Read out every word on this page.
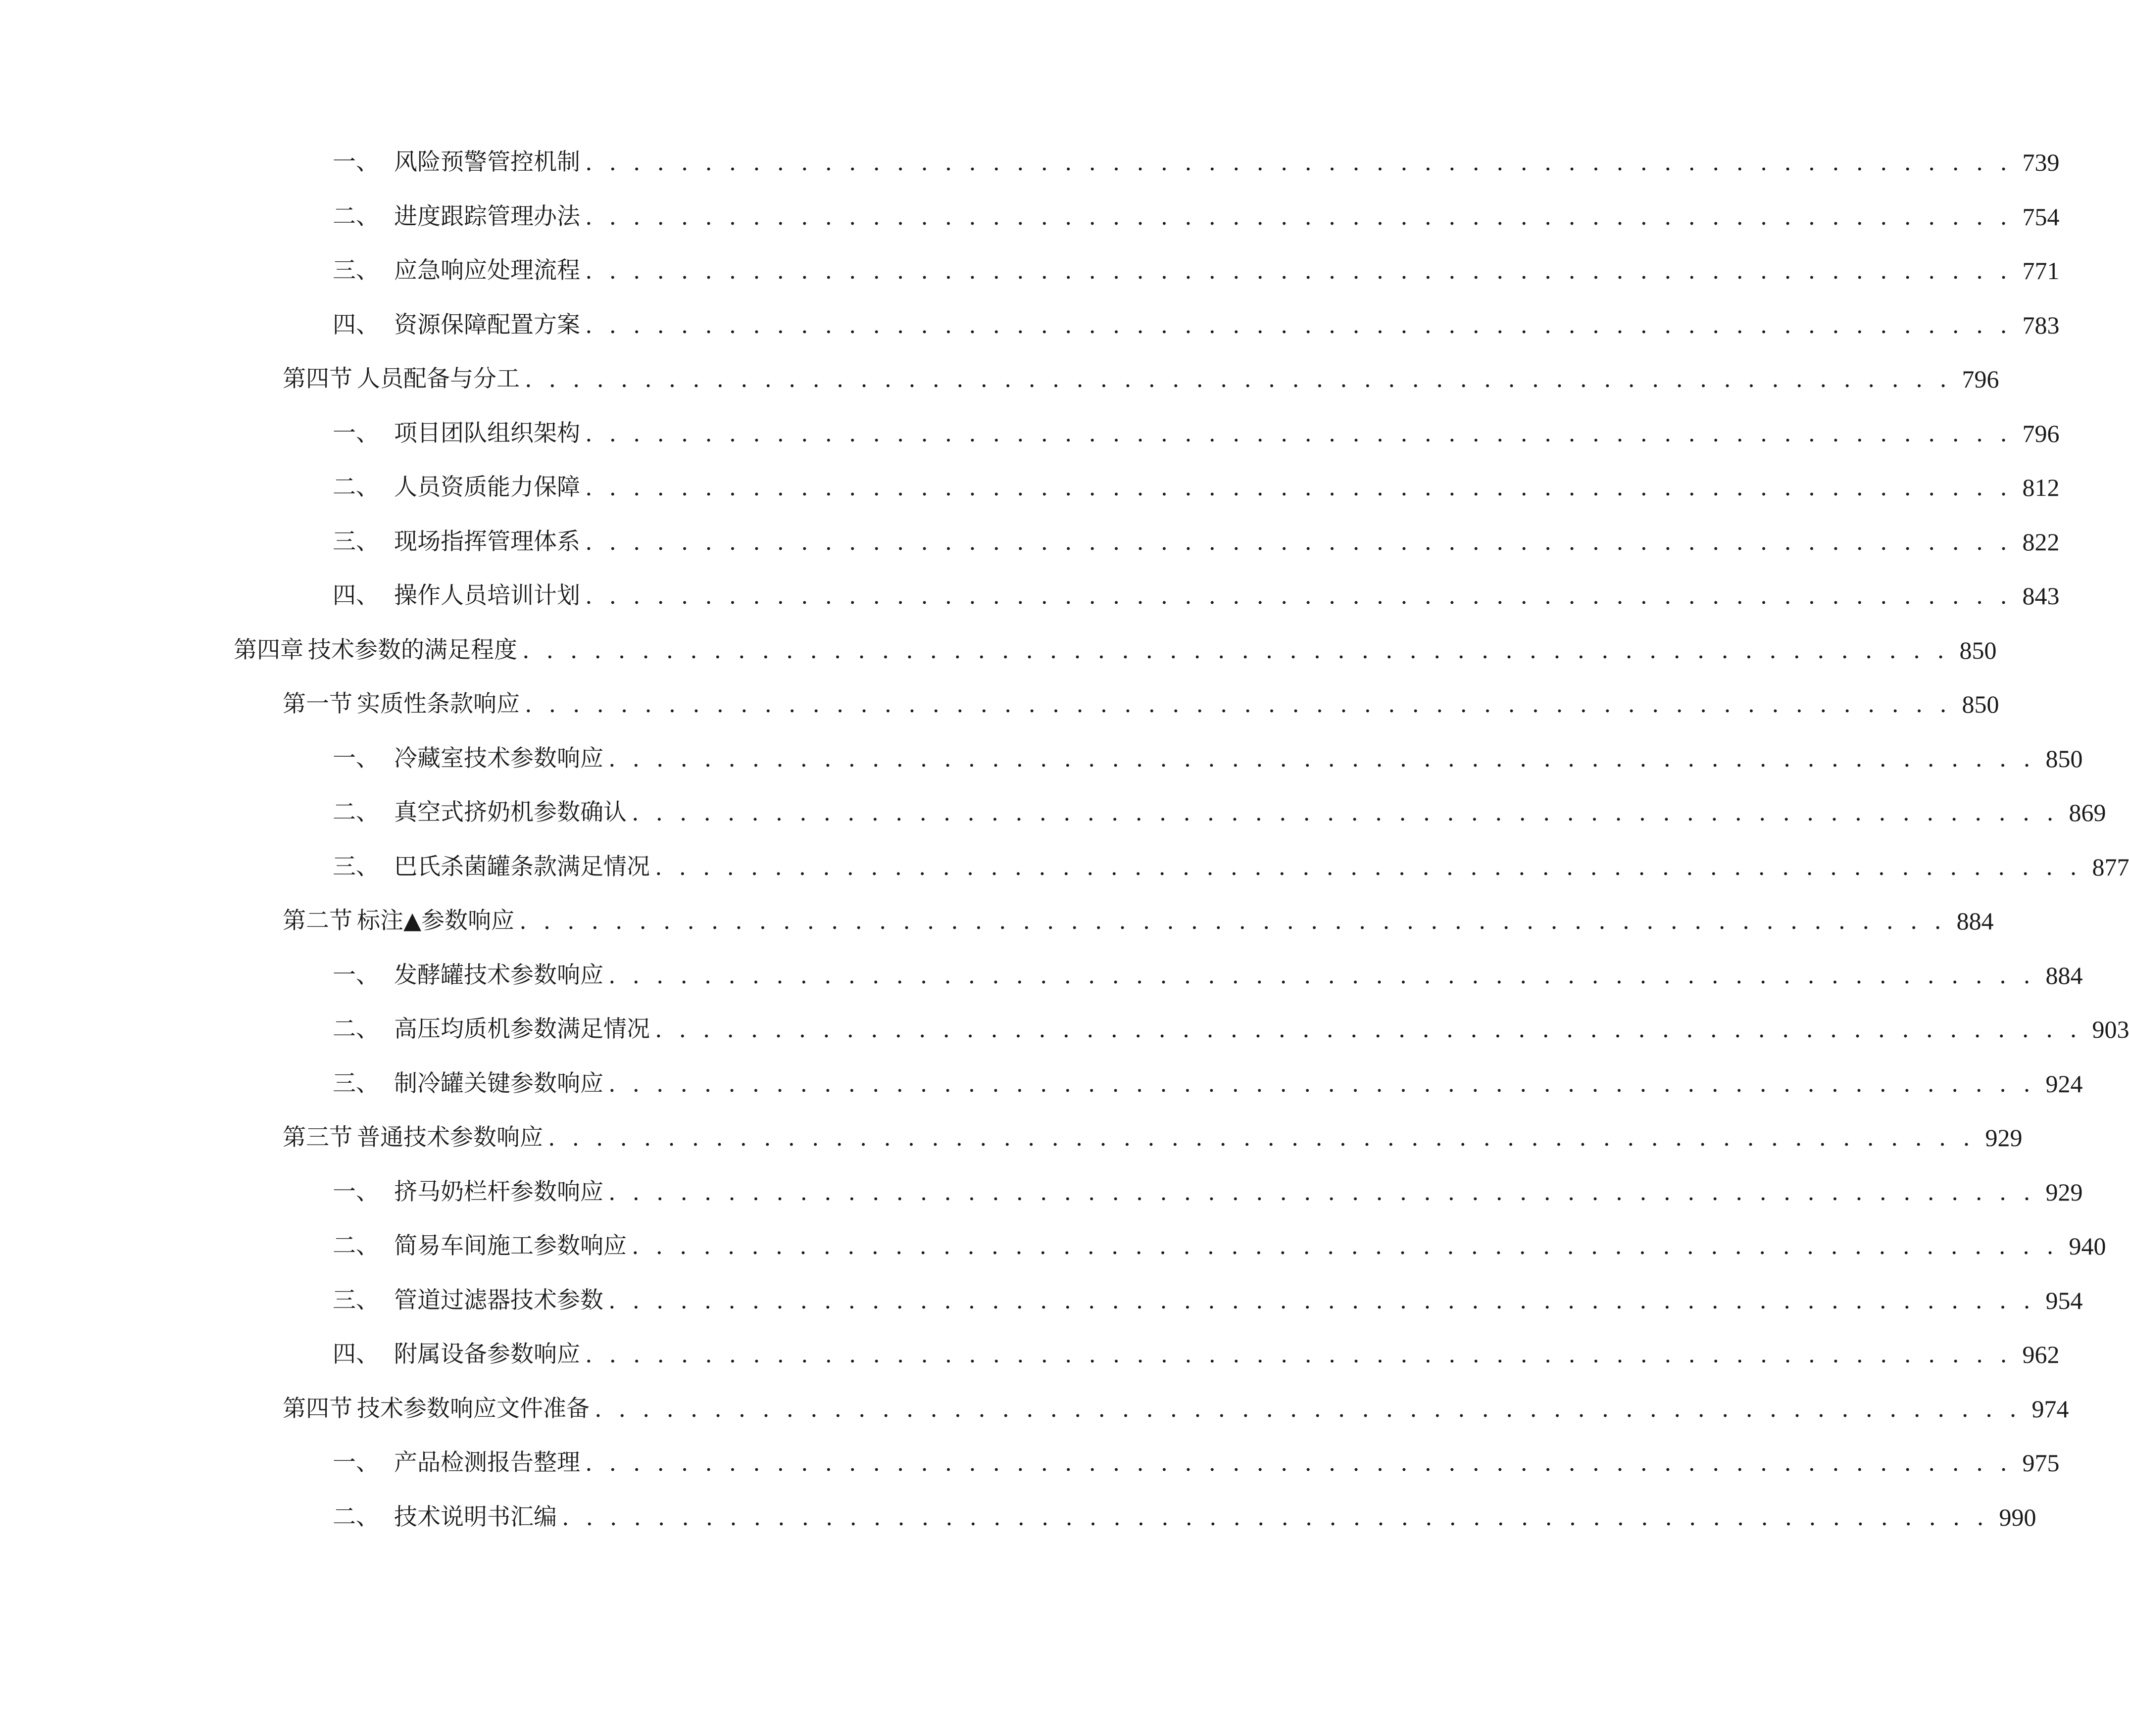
一、 风险预警管控机制 . . . . . . . . . . . . . . . . . . . . . . . . . . . . . . . . . . . . . . . . . . . . . . . . . . . . . . . . . . . . 739
二、 进度跟踪管理办法 . . . . . . . . . . . . . . . . . . . . . . . . . . . . . . . . . . . . . . . . . . . . . . . . . . . . . . . . . . . . 754
三、 应急响应处理流程 . . . . . . . . . . . . . . . . . . . . . . . . . . . . . . . . . . . . . . . . . . . . . . . . . . . . . . . . . . . . 771
四、 资源保障配置方案 . . . . . . . . . . . . . . . . . . . . . . . . . . . . . . . . . . . . . . . . . . . . . . . . . . . . . . . . . . . . 783
第四节 人员配备与分工 . . . . . . . . . . . . . . . . . . . . . . . . . . . . . . . . . . . . . . . . . . . . . . . . . . . . . . . . . . . . 796
一、 项目团队组织架构 . . . . . . . . . . . . . . . . . . . . . . . . . . . . . . . . . . . . . . . . . . . . . . . . . . . . . . . . . . . . 796
二、 人员资质能力保障 . . . . . . . . . . . . . . . . . . . . . . . . . . . . . . . . . . . . . . . . . . . . . . . . . . . . . . . . . . . . 812
三、 现场指挥管理体系 . . . . . . . . . . . . . . . . . . . . . . . . . . . . . . . . . . . . . . . . . . . . . . . . . . . . . . . . . . . . 822
四、 操作人员培训计划 . . . . . . . . . . . . . . . . . . . . . . . . . . . . . . . . . . . . . . . . . . . . . . . . . . . . . . . . . . . . 843
第四章 技术参数的满足程度 . . . . . . . . . . . . . . . . . . . . . . . . . . . . . . . . . . . . . . . . . . . . . . . . . . . . . . . . . . . . 850
第一节 实质性条款响应 . . . . . . . . . . . . . . . . . . . . . . . . . . . . . . . . . . . . . . . . . . . . . . . . . . . . . . . . . . . . 850
一、 冷藏室技术参数响应 . . . . . . . . . . . . . . . . . . . . . . . . . . . . . . . . . . . . . . . . . . . . . . . . . . . . . . . . . . . . 850
二、 真空式挤奶机参数确认 . . . . . . . . . . . . . . . . . . . . . . . . . . . . . . . . . . . . . . . . . . . . . . . . . . . . . . . . . . . . 869
三、 巴氏杀菌罐条款满足情况 . . . . . . . . . . . . . . . . . . . . . . . . . . . . . . . . . . . . . . . . . . . . . . . . . . . . . . . . . . . . 877
第二节 标注▲参数响应 . . . . . . . . . . . . . . . . . . . . . . . . . . . . . . . . . . . . . . . . . . . . . . . . . . . . . . . . . . . . 884
一、 发酵罐技术参数响应 . . . . . . . . . . . . . . . . . . . . . . . . . . . . . . . . . . . . . . . . . . . . . . . . . . . . . . . . . . . . 884
二、 高压均质机参数满足情况 . . . . . . . . . . . . . . . . . . . . . . . . . . . . . . . . . . . . . . . . . . . . . . . . . . . . . . . . . . . . 903
三、 制冷罐关键参数响应 . . . . . . . . . . . . . . . . . . . . . . . . . . . . . . . . . . . . . . . . . . . . . . . . . . . . . . . . . . . . 924
第三节 普通技术参数响应 . . . . . . . . . . . . . . . . . . . . . . . . . . . . . . . . . . . . . . . . . . . . . . . . . . . . . . . . . . . . 929
一、 挤马奶栏杆参数响应 . . . . . . . . . . . . . . . . . . . . . . . . . . . . . . . . . . . . . . . . . . . . . . . . . . . . . . . . . . . . 929
二、 简易车间施工参数响应 . . . . . . . . . . . . . . . . . . . . . . . . . . . . . . . . . . . . . . . . . . . . . . . . . . . . . . . . . . . . 940
三、 管道过滤器技术参数 . . . . . . . . . . . . . . . . . . . . . . . . . . . . . . . . . . . . . . . . . . . . . . . . . . . . . . . . . . . . 954
四、 附属设备参数响应 . . . . . . . . . . . . . . . . . . . . . . . . . . . . . . . . . . . . . . . . . . . . . . . . . . . . . . . . . . . . 962
第四节 技术参数响应文件准备 . . . . . . . . . . . . . . . . . . . . . . . . . . . . . . . . . . . . . . . . . . . . . . . . . . . . . . . . . . . . 974
一、 产品检测报告整理 . . . . . . . . . . . . . . . . . . . . . . . . . . . . . . . . . . . . . . . . . . . . . . . . . . . . . . . . . . . . 975
二、 技术说明书汇编 . . . . . . . . . . . . . . . . . . . . . . . . . . . . . . . . . . . . . . . . . . . . . . . . . . . . . . . . . . . . 990
